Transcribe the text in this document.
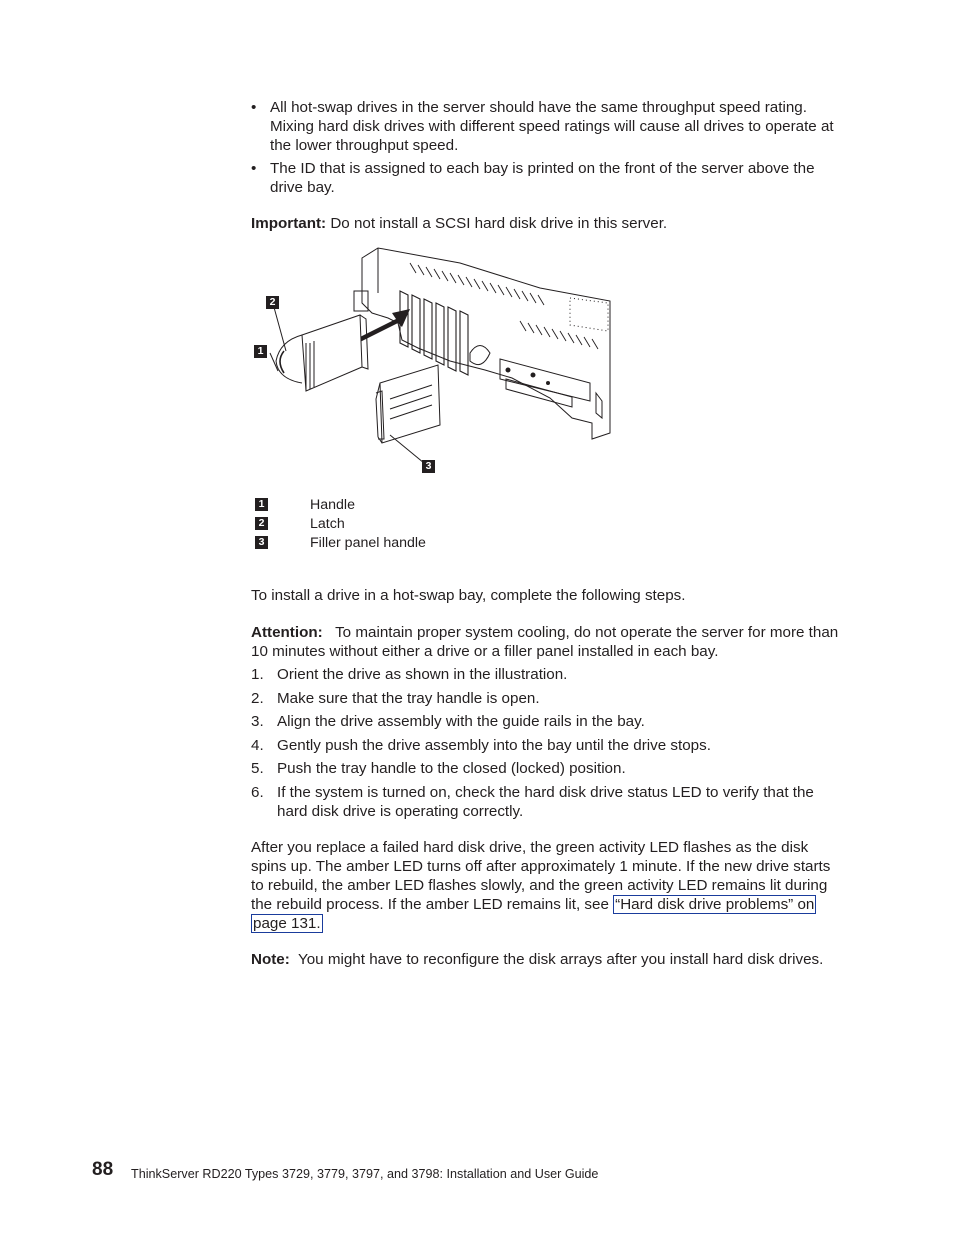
• All hot-swap drives in the server should have the same throughput speed rating. Mixing hard disk drives with different speed ratings will cause all drives to operate at the lower throughput speed.
• The ID that is assigned to each bay is printed on the front of the server above the drive bay.
Important: Do not install a SCSI hard disk drive in this server.
2
1
3
1	Handle
2	Latch
3	Filler panel handle
To install a drive in a hot-swap bay, complete the following steps.
Attention: To maintain proper system cooling, do not operate the server for more than 10 minutes without either a drive or a filler panel installed in each bay.
1. Orient the drive as shown in the illustration.
2. Make sure that the tray handle is open.
3. Align the drive assembly with the guide rails in the bay.
4. Gently push the drive assembly into the bay until the drive stops.
5. Push the tray handle to the closed (locked) position.
6. If the system is turned on, check the hard disk drive status LED to verify that the hard disk drive is operating correctly.
After you replace a failed hard disk drive, the green activity LED flashes as the disk spins up. The amber LED turns off after approximately 1 minute. If the new drive starts to rebuild, the amber LED flashes slowly, and the green activity LED remains lit during the rebuild process. If the amber LED remains lit, see “Hard disk drive problems” on page 131.
Note: You might have to reconfigure the disk arrays after you install hard disk drives.
88 ThinkServer RD220 Types 3729, 3779, 3797, and 3798: Installation and User Guide
